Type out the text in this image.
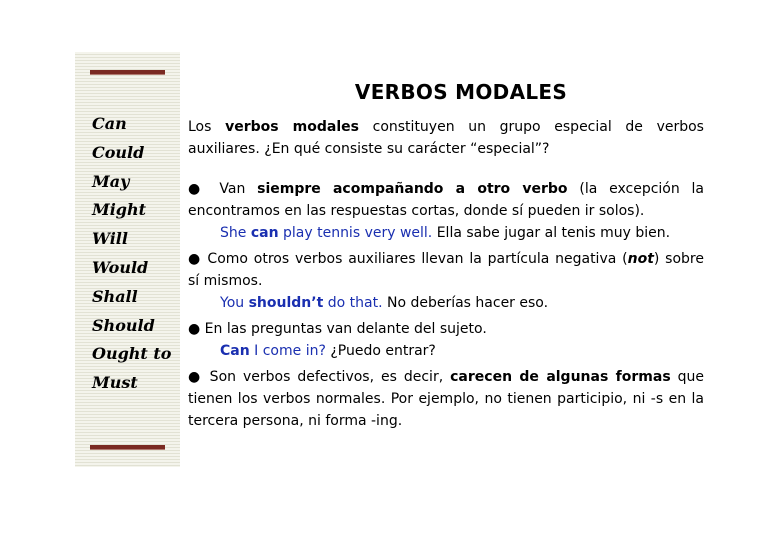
Can
Could
May
Might
Will
Would
Shall
Should
Ought to
Must
VERBOS MODALES

Los verbos modales constituyen un grupo especial de verbos auxiliares. ¿En qué consiste su carácter “especial”?

● Van siempre acompañando a otro verbo (la excepción la encontramos en las respuestas cortas, donde sí pueden ir solos).

She can play tennis very well. Ella sabe jugar al tenis muy bien.

● Como otros verbos auxiliares llevan la partícula negativa (not) sobre sí mismos.

You shouldn’t do that. No deberías hacer eso.

● En las preguntas van delante del sujeto.

Can I come in? ¿Puedo entrar?

● Son verbos defectivos, es decir, carecen de algunas formas que tienen los verbos normales. Por ejemplo, no tienen participio, ni -s en la tercera persona, ni forma -ing.
